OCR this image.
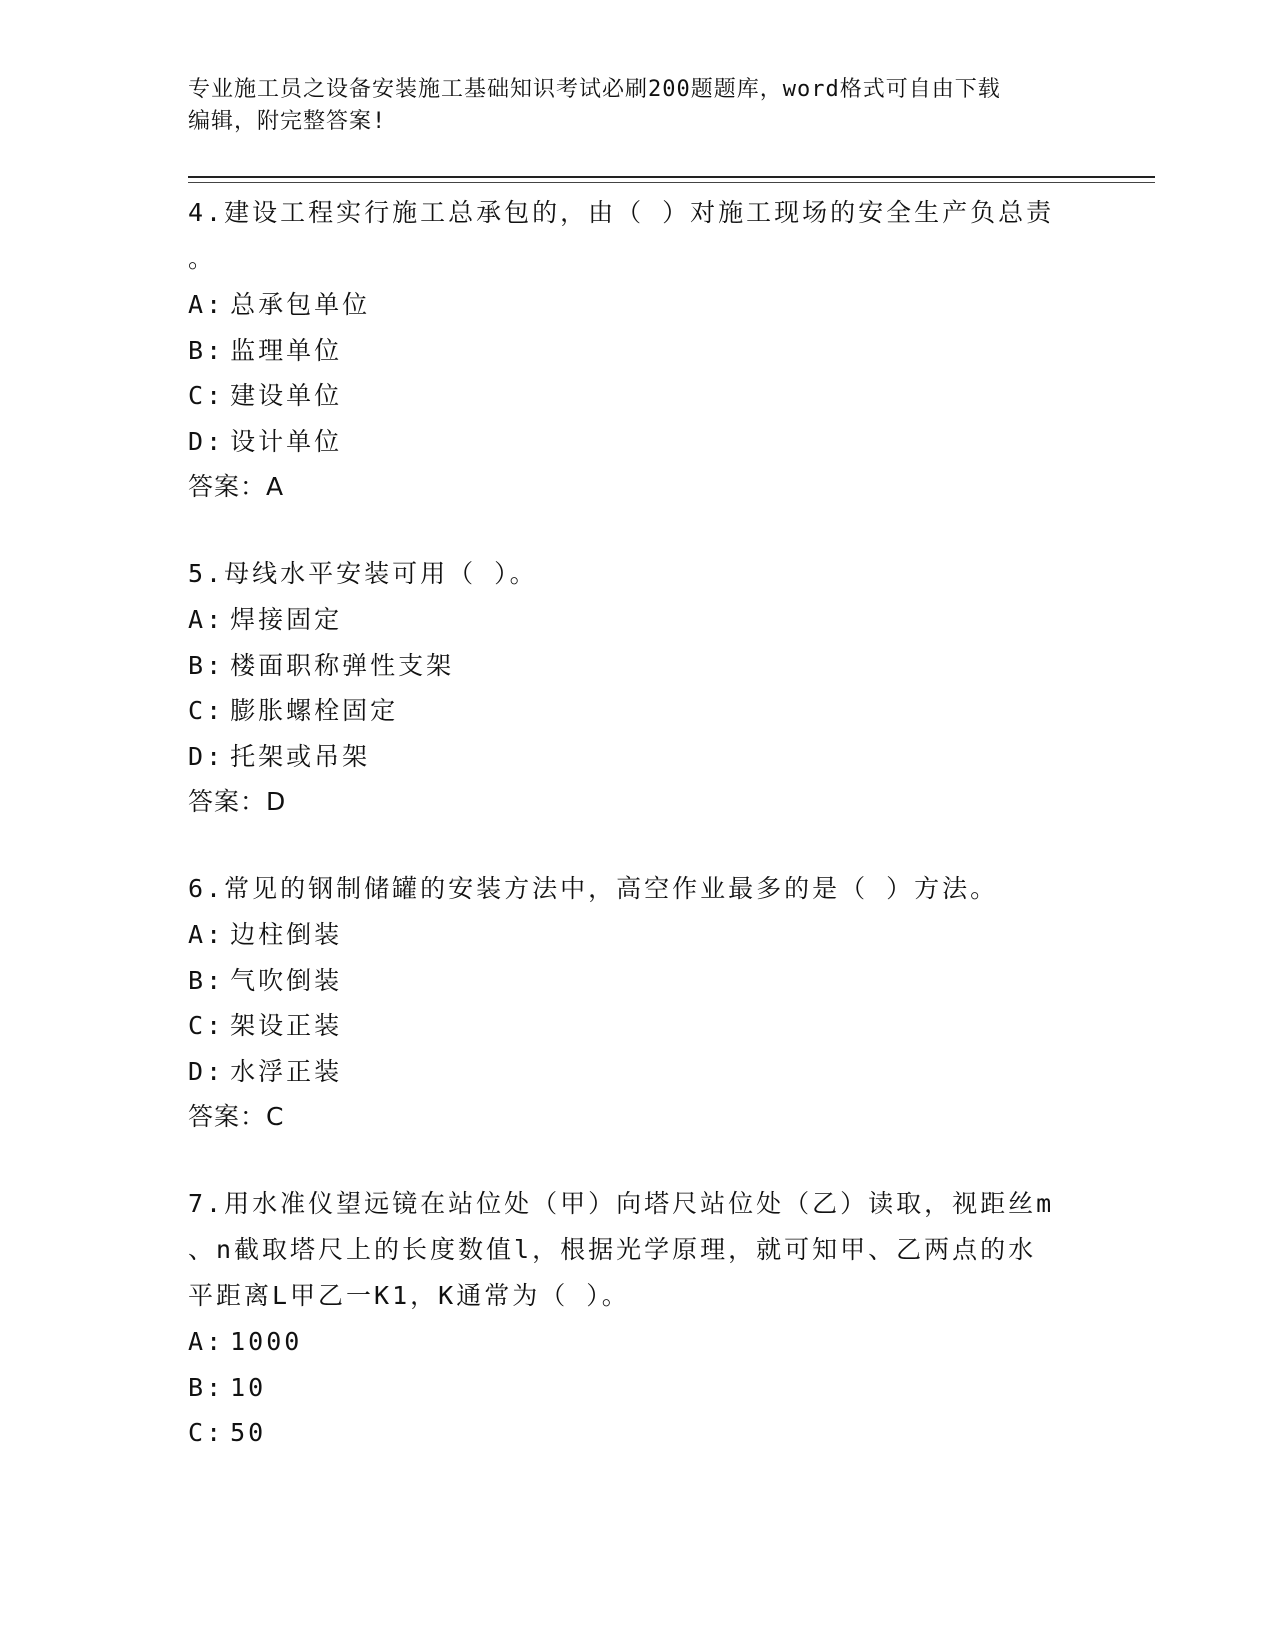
专业施工员之设备安装施工基础知识考试必刷200题题库，word格式可自由下载
编辑，附完整答案!
4.建设工程实行施工总承包的，由（ ）对施工现场的安全生产负总责
。
A: 总承包单位
B: 监理单位
C: 建设单位
D: 设计单位
答案：A
5.母线水平安装可用（ ）。
A: 焊接固定
B: 楼面职称弹性支架
C: 膨胀螺栓固定
D: 托架或吊架
答案：D
6.常见的钢制储罐的安装方法中，高空作业最多的是（ ）方法。
A: 边柱倒装
B: 气吹倒装
C: 架设正装
D: 水浮正装
答案：C
7.用水准仪望远镜在站位处（甲）向塔尺站位处（乙）读取，视距丝m
、n截取塔尺上的长度数值l，根据光学原理，就可知甲、乙两点的水
平距离L甲乙一K1，K通常为（ ）。
A: 1000
B: 10
C: 50
